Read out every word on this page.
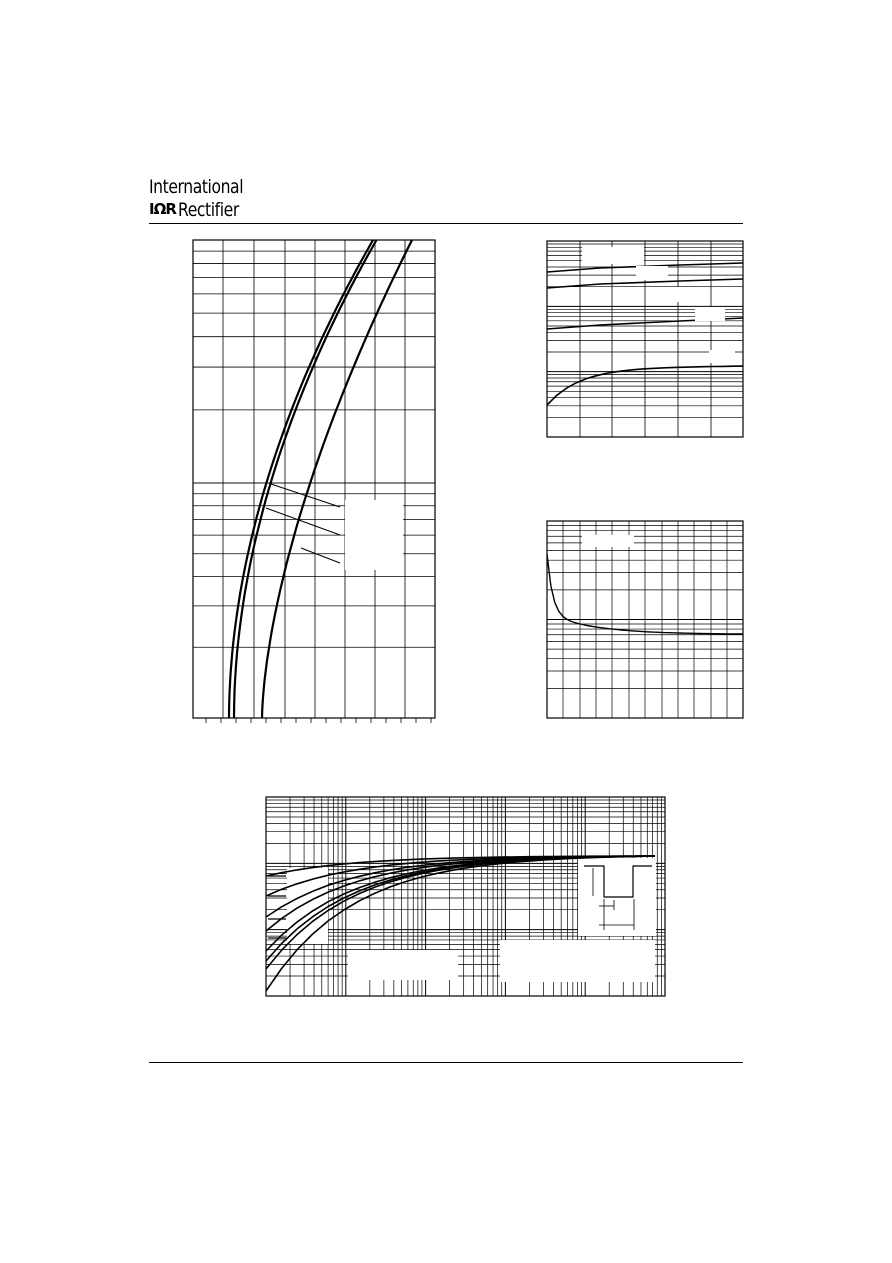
International
IΩR Rectifier
